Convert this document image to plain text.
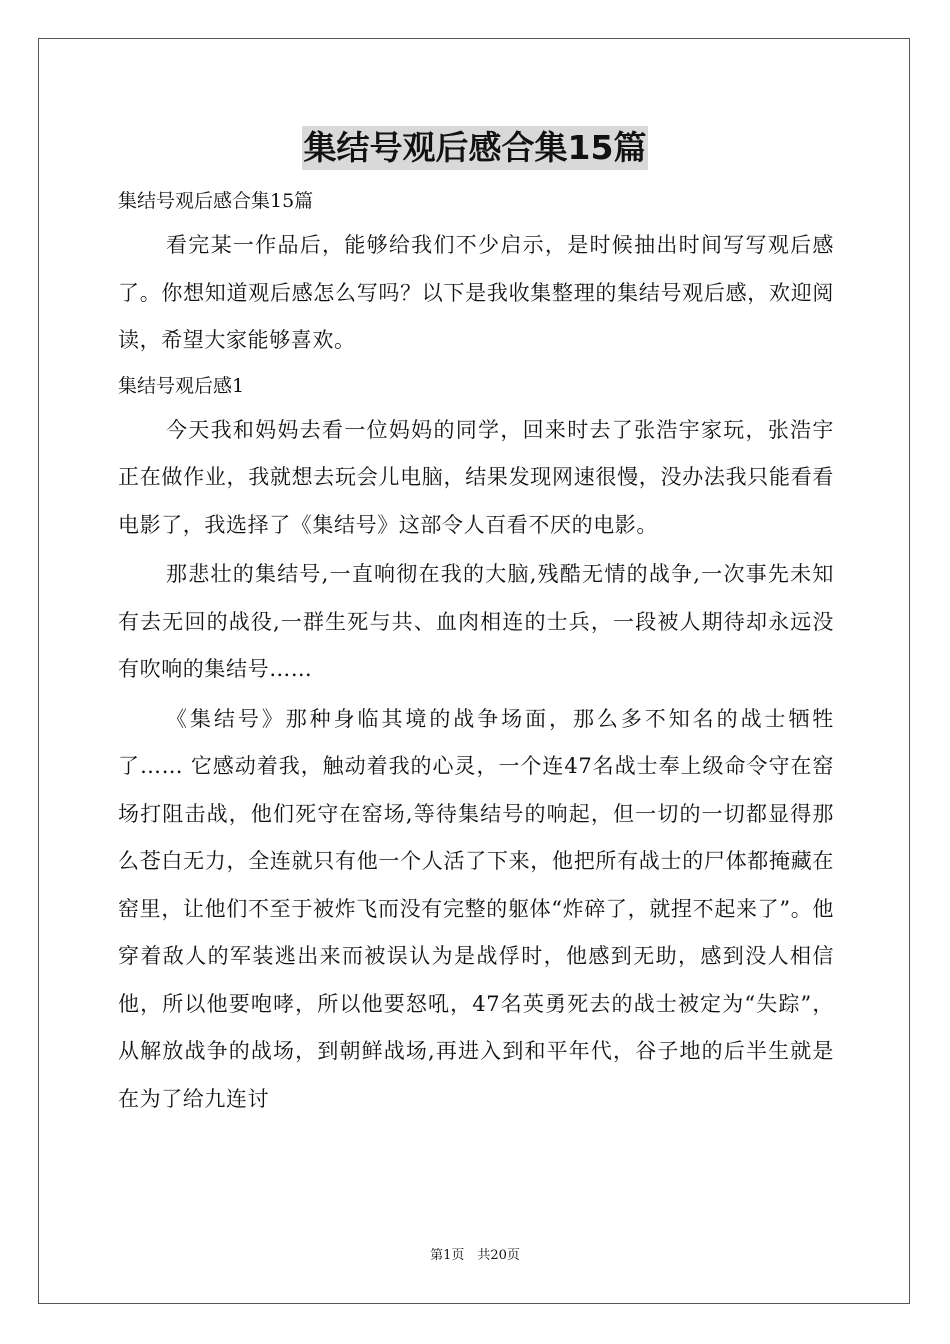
集结号观后感合集15篇

集结号观后感合集15篇

看完某一作品后，能够给我们不少启示，是时候抽出时间写写观后感了。你想知道观后感怎么写吗？以下是我收集整理的集结号观后感，欢迎阅读，希望大家能够喜欢。

集结号观后感1

今天我和妈妈去看一位妈妈的同学，回来时去了张浩宇家玩，张浩宇正在做作业，我就想去玩会儿电脑，结果发现网速很慢，没办法我只能看看电影了，我选择了《集结号》这部令人百看不厌的电影。

那悲壮的集结号,一直响彻在我的大脑,残酷无情的战争,一次事先未知有去无回的战役,一群生死与共、血肉相连的士兵，一段被人期待却永远没有吹响的集结号……

《集结号》那种身临其境的战争场面，那么多不知名的战士牺牲了…… 它感动着我，触动着我的心灵，一个连47名战士奉上级命令守在窑场打阻击战，他们死守在窑场,等待集结号的响起，但一切的一切都显得那么苍白无力，全连就只有他一个人活了下来，他把所有战士的尸体都掩藏在窑里，让他们不至于被炸飞而没有完整的躯体“炸碎了，就捏不起来了”。他穿着敌人的军装逃出来而被误认为是战俘时，他感到无助，感到没人相信他，所以他要咆哮，所以他要怒吼，47名英勇死去的战士被定为“失踪”，从解放战争的战场，到朝鲜战场,再进入到和平年代，谷子地的后半生就是在为了给九连讨

第1页　共20页
